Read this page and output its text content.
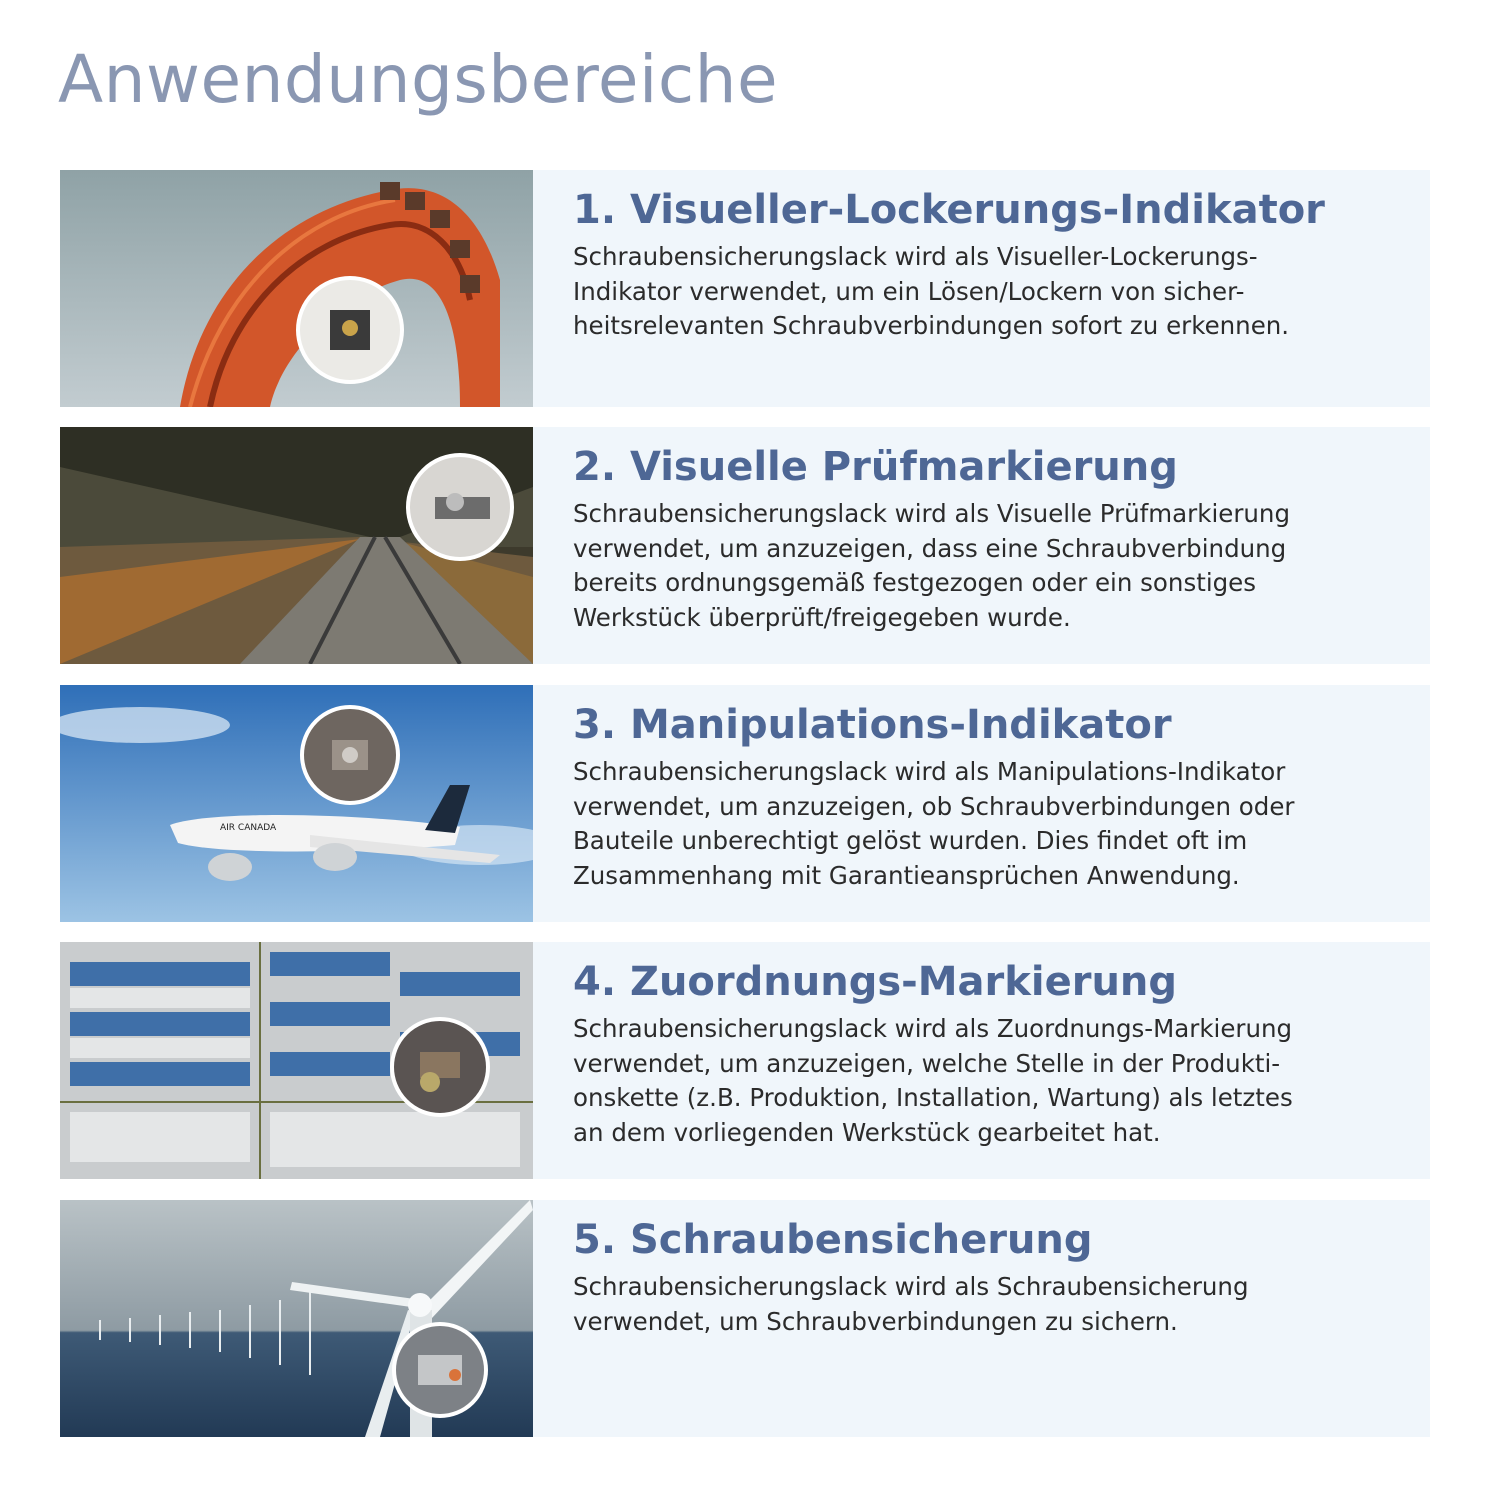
Anwendungsbereiche
1. Visueller-Lockerungs-Indikator

Schraubensicherungslack wird als Visueller-Lockerungs-
Indikator verwendet, um ein Lösen/Lockern von sicher-
heitsrelevanten Schraubverbindungen sofort zu erkennen.

2. Visuelle Prüfmarkierung

Schraubensicherungslack wird als Visuelle Prüfmarkierung
verwendet, um anzuzeigen, dass eine Schraubverbindung
bereits ordnungsgemäß festgezogen oder ein sonstiges
Werkstück überprüft/freigegeben wurde.

AIR CANADA
3. Manipulations-Indikator

Schraubensicherungslack wird als Manipulations-Indikator
verwendet, um anzuzeigen, ob Schraubverbindungen oder
Bauteile unberechtigt gelöst wurden. Dies findet oft im
Zusammenhang mit Garantieansprüchen Anwendung.

4. Zuordnungs-Markierung

Schraubensicherungslack wird als Zuordnungs-Markierung
verwendet, um anzuzeigen, welche Stelle in der Produkti-
onskette (z.B. Produktion, Installation, Wartung) als letztes
an dem vorliegenden Werkstück gearbeitet hat.

5. Schraubensicherung

Schraubensicherungslack wird als Schraubensicherung
verwendet, um Schraubverbindungen zu sichern.
